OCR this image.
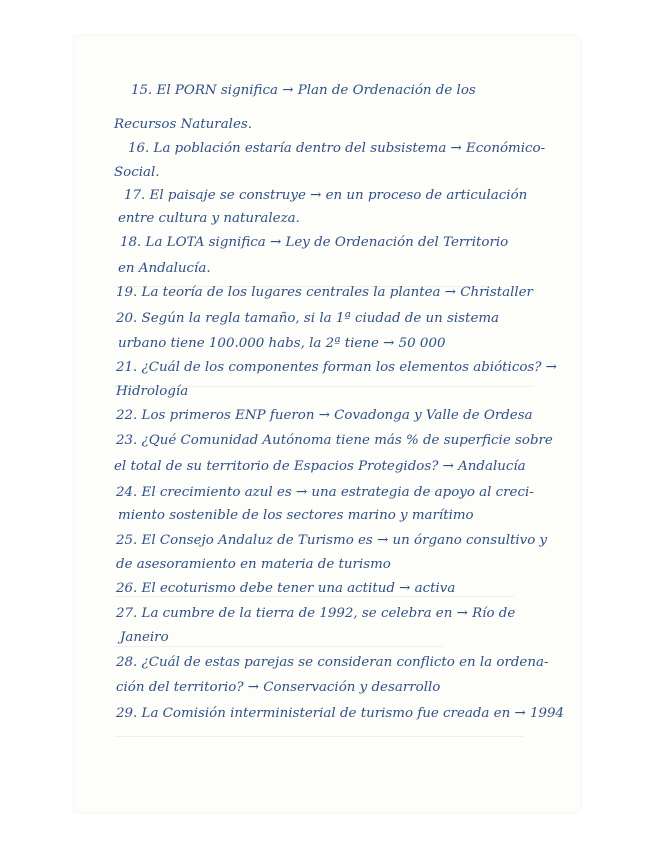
15. El PORN significa → Plan de Ordenación de los
Recursos Naturales.
16. La población estaría dentro del subsistema → Económico-
Social.
17. El paisaje se construye → en un proceso de articulación
entre cultura y naturaleza.
18. La LOTA significa → Ley de Ordenación del Territorio
en Andalucía.
19. La teoría de los lugares centrales la plantea → Christaller
20. Según la regla tamaño, si la 1ª ciudad de un sistema
urbano tiene 100.000 habs, la 2ª tiene → 50 000
21. ¿Cuál de los componentes forman los elementos abióticos? →
Hidrología
22. Los primeros ENP fueron → Covadonga y Valle de Ordesa
23. ¿Qué Comunidad Autónoma tiene más % de superficie sobre
el total de su territorio de Espacios Protegidos? → Andalucía
24. El crecimiento azul es → una estrategia de apoyo al creci-
miento sostenible de los sectores marino y marítimo
25. El Consejo Andaluz de Turismo es → un órgano consultivo y
de asesoramiento en materia de turismo
26. El ecoturismo debe tener una actitud → activa
27. La cumbre de la tierra de 1992, se celebra en → Río de
Janeiro
28. ¿Cuál de estas parejas se consideran conflicto en la ordena-
ción del territorio? → Conservación y desarrollo
29. La Comisión interministerial de turismo fue creada en → 1994
